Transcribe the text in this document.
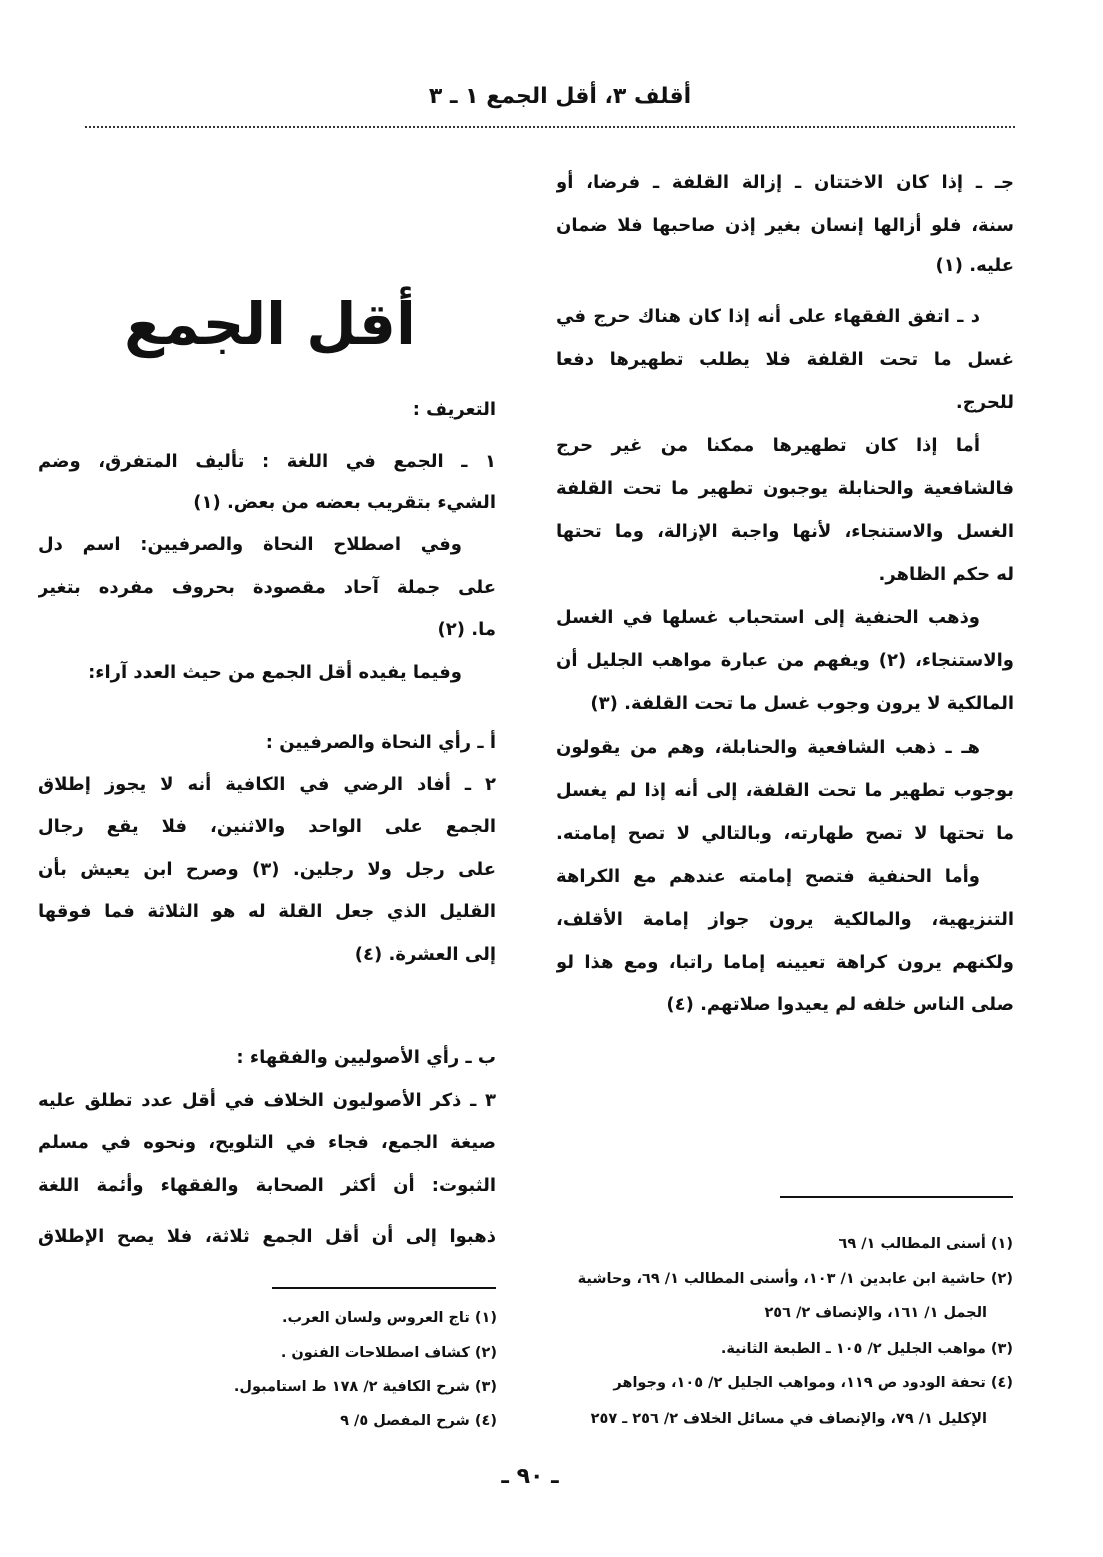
أقلف ٣، أقل الجمع ١ ـ ٣
جـ ـ إذا كان الاختتان ـ إزالة القلفة ـ فرضا، أو
سنة، فلو أزالها إنسان بغير إذن صاحبها فلا ضمان
عليه. (١)
د ـ اتفق الفقهاء على أنه إذا كان هناك حرج في
غسل ما تحت القلفة فلا يطلب تطهيرها دفعا
للحرج.
أما إذا كان تطهيرها ممكنا من غير حرج
فالشافعية والحنابلة يوجبون تطهير ما تحت القلفة
الغسل والاستنجاء، لأنها واجبة الإزالة، وما تحتها
له حكم الظاهر.
وذهب الحنفية إلى استحباب غسلها في الغسل
والاستنجاء، (٢) ويفهم من عبارة مواهب الجليل أن
المالكية لا يرون وجوب غسل ما تحت القلفة. (٣)
هـ ـ ذهب الشافعية والحنابلة، وهم من يقولون
بوجوب تطهير ما تحت القلفة، إلى أنه إذا لم يغسل
ما تحتها لا تصح طهارته، وبالتالي لا تصح إمامته.
وأما الحنفية فتصح إمامته عندهم مع الكراهة
التنزيهية، والمالكية يرون جواز إمامة الأقلف،
ولكنهم يرون كراهة تعيينه إماما راتبا، ومع هذا لو
صلى الناس خلفه لم يعيدوا صلاتهم. (٤)
(١) أسنى المطالب ١/ ٦٩
(٢) حاشية ابن عابدين ١/ ١٠٣، وأسنى المطالب ١/ ٦٩، وحاشية
الجمل ١/ ١٦١، والإنصاف ٢/ ٢٥٦
(٣) مواهب الجليل ٢/ ١٠٥ ـ الطبعة الثانية.
(٤) تحفة الودود ص ١١٩، ومواهب الجليل ٢/ ١٠٥، وجواهر
الإكليل ١/ ٧٩، والإنصاف في مسائل الخلاف ٢/ ٢٥٦ ـ ٢٥٧
أقل الجمع
التعريف :
١ ـ الجمع في اللغة : تأليف المتفرق، وضم
الشيء بتقريب بعضه من بعض. (١)
وفي اصطلاح النحاة والصرفيين: اسم دل
على جملة آحاد مقصودة بحروف مفرده بتغير
ما. (٢)
وفيما يفيده أقل الجمع من حيث العدد آراء:
أ ـ رأي النحاة والصرفيين :
٢ ـ أفاد الرضي في الكافية أنه لا يجوز إطلاق
الجمع على الواحد والاثنين، فلا يقع رجال
على رجل ولا رجلين. (٣) وصرح ابن يعيش بأن
القليل الذي جعل القلة له هو الثلاثة فما فوقها
إلى العشرة. (٤)
ب ـ رأي الأصوليين والفقهاء :
٣ ـ ذكر الأصوليون الخلاف في أقل عدد تطلق عليه
صيغة الجمع، فجاء في التلويح، ونحوه في مسلم
الثبوت: أن أكثر الصحابة والفقهاء وأئمة اللغة
ذهبوا إلى أن أقل الجمع ثلاثة، فلا يصح الإطلاق
(١) تاج العروس ولسان العرب.
(٢) كشاف اصطلاحات الفنون .
(٣) شرح الكافية ٢/ ١٧٨ ط استامبول.
(٤) شرح المفصل ٥/ ٩
ـ ٩٠ ـ
